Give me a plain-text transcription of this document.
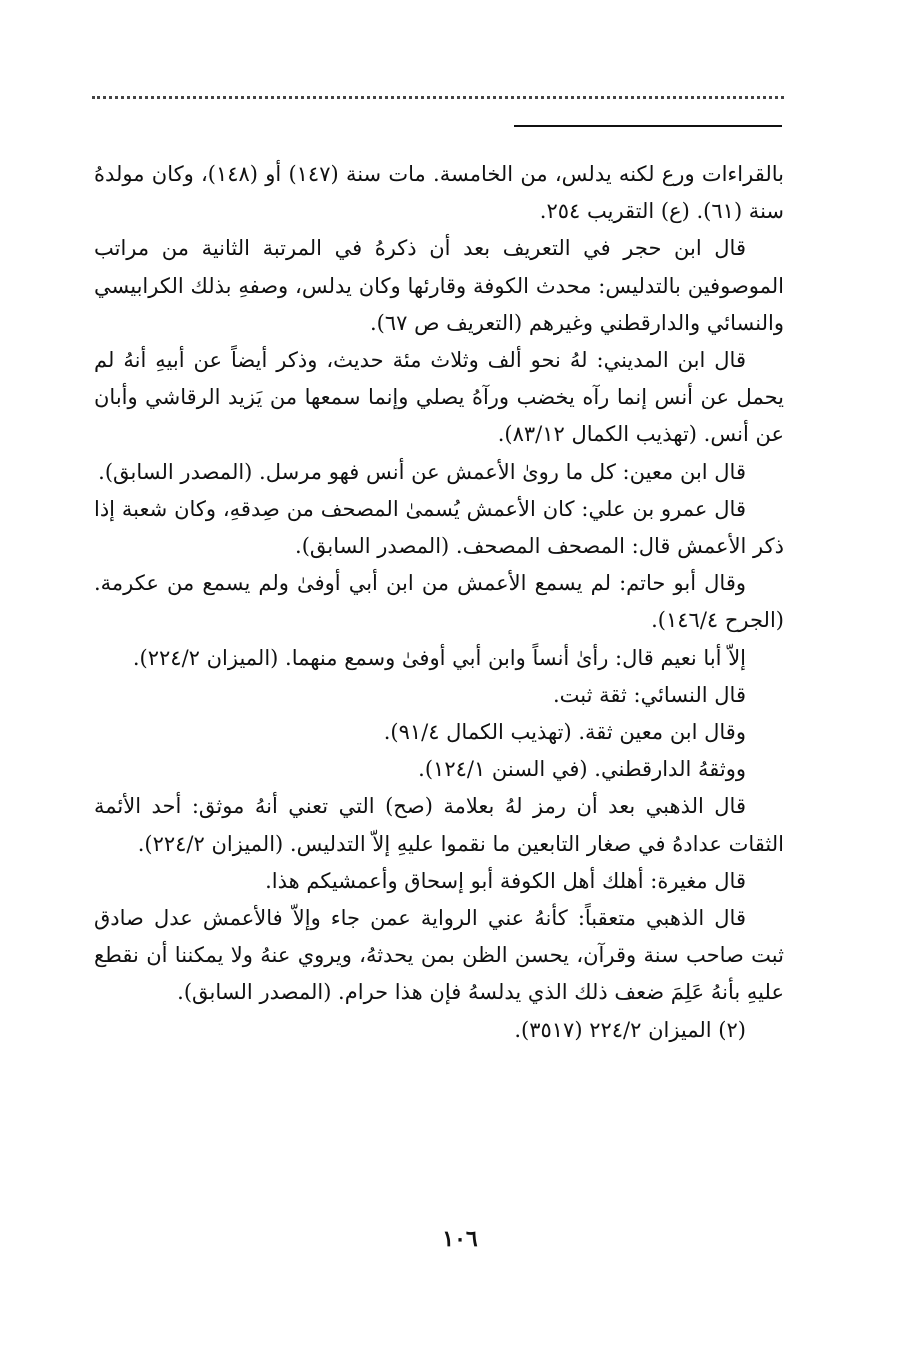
بالقراءات ورع لكنه يدلس، من الخامسة. مات سنة (١٤٧) أو (١٤٨)، وكان مولدهُ سنة (٦١). (ع) التقريب ٢٥٤.

قال ابن حجر في التعريف بعد أن ذكرهُ في المرتبة الثانية من مراتب الموصوفين بالتدليس: محدث الكوفة وقارئها وكان يدلس، وصفهِ بذلك الكرابيسي والنسائي والدارقطني وغيرهم (التعريف ص ٦٧).

قال ابن المديني: لهُ نحو ألف وثلاث مئة حديث، وذكر أيضاً عن أبيهِ أنهُ لم يحمل عن أنس إنما رآه يخضب ورآهُ يصلي وإنما سمعها من يَزيد الرقاشي وأبان عن أنس. (تهذيب الكمال ٨٣/١٢).

قال ابن معين: كل ما روىٰ الأعمش عن أنس فهو مرسل. (المصدر السابق).

قال عمرو بن علي: كان الأعمش يُسمىٰ المصحف من صِدقهِ، وكان شعبة إذا ذكر الأعمش قال: المصحف المصحف. (المصدر السابق).

وقال أبو حاتم: لم يسمع الأعمش من ابن أبي أوفىٰ ولم يسمع من عكرمة. (الجرح ١٤٦/٤).

إلاّ أبا نعيم قال: رأىٰ أنساً وابن أبي أوفىٰ وسمع منهما. (الميزان ٢٢٤/٢).

قال النسائي: ثقة ثبت.

وقال ابن معين ثقة. (تهذيب الكمال ٩١/٤).

ووثقهُ الدارقطني. (في السنن ١٢٤/١).

قال الذهبي بعد أن رمز لهُ بعلامة (صح) التي تعني أنهُ موثق: أحد الأئمة الثقات عدادهُ في صغار التابعين ما نقموا عليهِ إلاّ التدليس. (الميزان ٢٢٤/٢).

قال مغيرة: أهلك أهل الكوفة أبو إسحاق وأعمشيكم هذا.

قال الذهبي متعقباً: كأنهُ عني الرواية عمن جاء وإلاّ فالأعمش عدل صادق ثبت صاحب سنة وقرآن، يحسن الظن بمن يحدثهُ، ويروي عنهُ ولا يمكننا أن نقطع عليهِ بأنهُ عَلِمَ ضعف ذلك الذي يدلسهُ فإن هذا حرام. (المصدر السابق).

(٢) الميزان ٢٢٤/٢ (٣٥١٧).

١٠٦
